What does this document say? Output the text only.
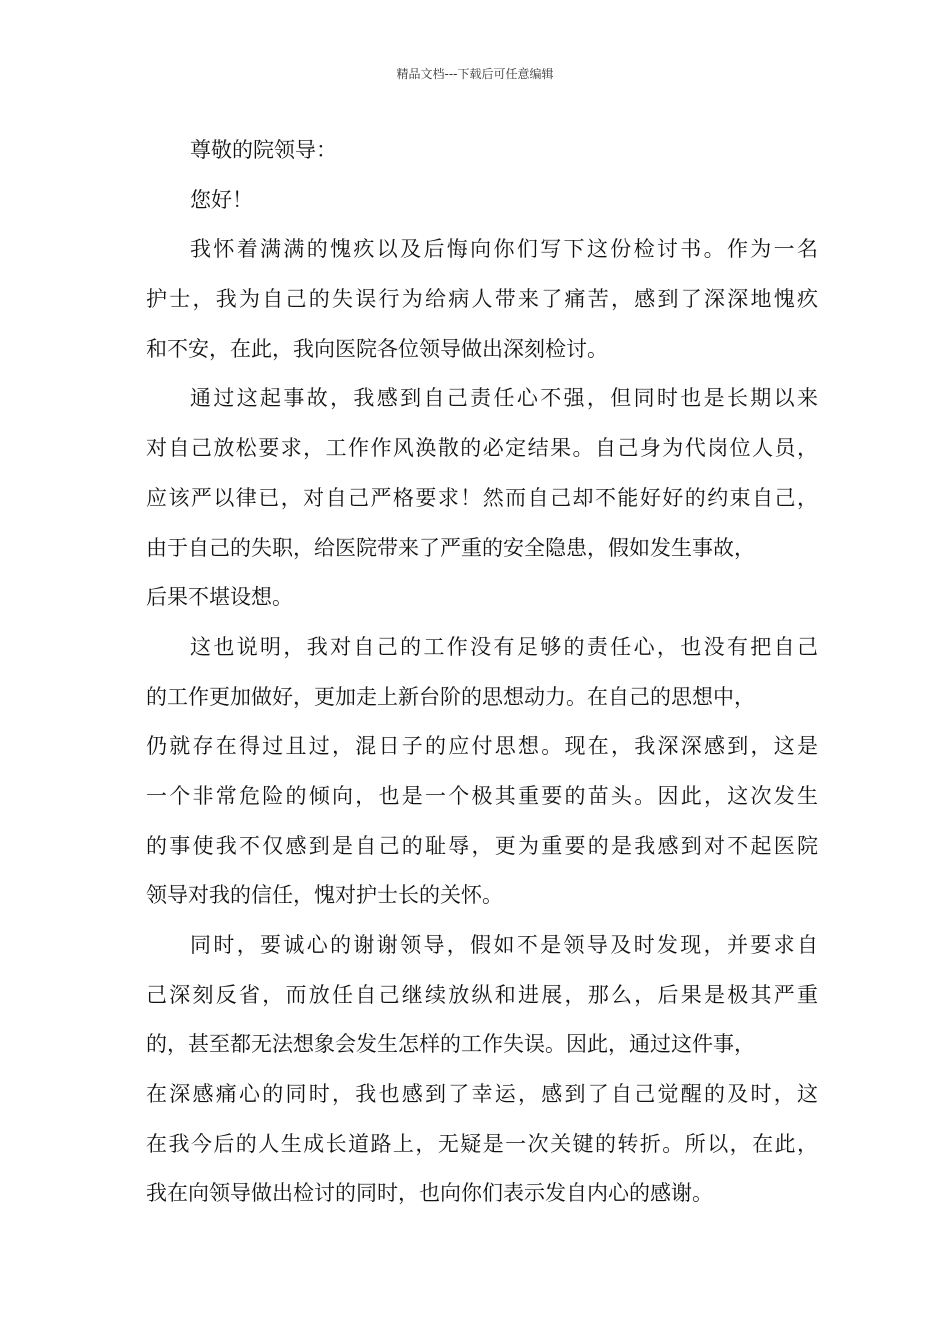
精品文档---下载后可任意编辑
尊敬的院领导：
您好！
我怀着满满的愧疚以及后悔向你们写下这份检讨书。作为一名
护士，我为自己的失误行为给病人带来了痛苦，感到了深深地愧疚
和不安，在此，我向医院各位领导做出深刻检讨。
通过这起事故，我感到自己责任心不强，但同时也是长期以来
对自己放松要求，工作作风涣散的必定结果。自己身为代岗位人员，
应该严以律已，对自己严格要求！然而自己却不能好好的约束自己，
由于自己的失职，给医院带来了严重的安全隐患，假如发生事故，
后果不堪设想。
这也说明，我对自己的工作没有足够的责任心，也没有把自己
的工作更加做好，更加走上新台阶的思想动力。在自己的思想中，
仍就存在得过且过，混日子的应付思想。现在，我深深感到，这是
一个非常危险的倾向，也是一个极其重要的苗头。因此，这次发生
的事使我不仅感到是自己的耻辱，更为重要的是我感到对不起医院
领导对我的信任，愧对护士长的关怀。
同时，要诚心的谢谢领导，假如不是领导及时发现，并要求自
己深刻反省，而放任自己继续放纵和进展，那么，后果是极其严重
的，甚至都无法想象会发生怎样的工作失误。因此，通过这件事，
在深感痛心的同时，我也感到了幸运，感到了自己觉醒的及时，这
在我今后的人生成长道路上，无疑是一次关键的转折。所以，在此，
我在向领导做出检讨的同时，也向你们表示发自内心的感谢。
